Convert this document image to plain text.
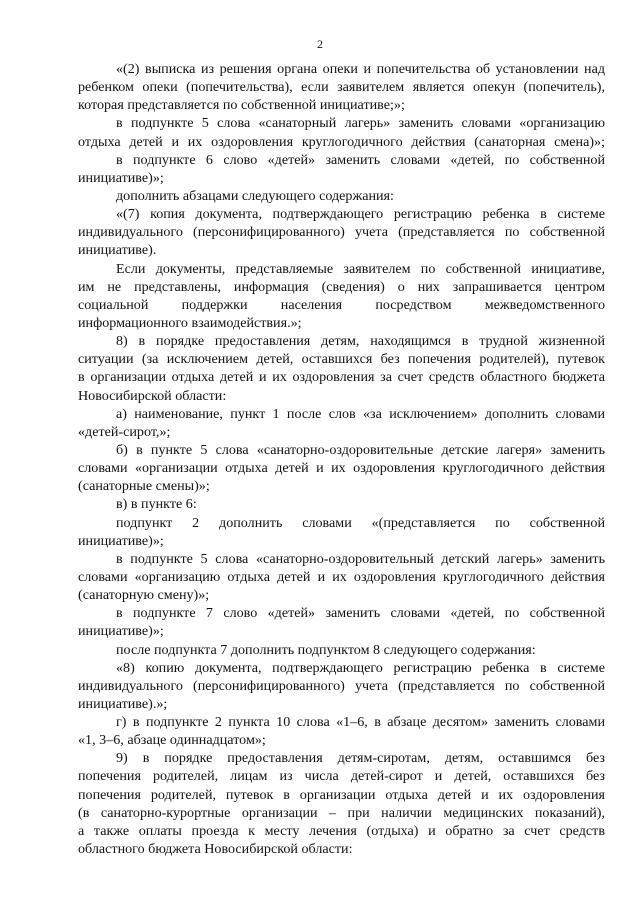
2
«(2) выписка из решения органа опеки и попечительства об установлении над
ребенком опеки (попечительства), если заявителем является опекун (попечитель),
которая представляется по собственной инициативе;»;
в подпункте 5 слова «санаторный лагерь» заменить словами «организацию
отдыха детей и их оздоровления круглогодичного действия (санаторная смена)»;
в подпункте 6 слово «детей» заменить словами «детей, по собственной
инициативе)»;
дополнить абзацами следующего содержания:
«(7) копия документа, подтверждающего регистрацию ребенка в системе
индивидуального (персонифицированного) учета (представляется по собственной
инициативе).
Если документы, представляемые заявителем по собственной инициативе,
им не представлены, информация (сведения) о них запрашивается центром
социальной поддержки населения посредством межведомственного
информационного взаимодействия.»;
8) в порядке предоставления детям, находящимся в трудной жизненной
ситуации (за исключением детей, оставшихся без попечения родителей), путевок
в организации отдыха детей и их оздоровления за счет средств областного бюджета
Новосибирской области:
а) наименование, пункт 1 после слов «за исключением» дополнить словами
«детей-сирот,»;
б) в пункте 5 слова «санаторно-оздоровительные детские лагеря» заменить
словами «организации отдыха детей и их оздоровления круглогодичного действия
(санаторные смены)»;
в) в пункте 6:
подпункт 2 дополнить словами «(представляется по собственной
инициативе)»;
в подпункте 5 слова «санаторно-оздоровительный детский лагерь» заменить
словами «организацию отдыха детей и их оздоровления круглогодичного действия
(санаторную смену)»;
в подпункте 7 слово «детей» заменить словами «детей, по собственной
инициативе)»;
после подпункта 7 дополнить подпунктом 8 следующего содержания:
«8) копию документа, подтверждающего регистрацию ребенка в системе
индивидуального (персонифицированного) учета (представляется по собственной
инициативе).»;
г) в подпункте 2 пункта 10 слова «1–6, в абзаце десятом» заменить словами
«1, 3–6, абзаце одиннадцатом»;
9) в порядке предоставления детям-сиротам, детям, оставшимся без
попечения родителей, лицам из числа детей-сирот и детей, оставшихся без
попечения родителей, путевок в организации отдыха детей и их оздоровления
(в санаторно-курортные организации – при наличии медицинских показаний),
а также оплаты проезда к месту лечения (отдыха) и обратно за счет средств
областного бюджета Новосибирской области:
